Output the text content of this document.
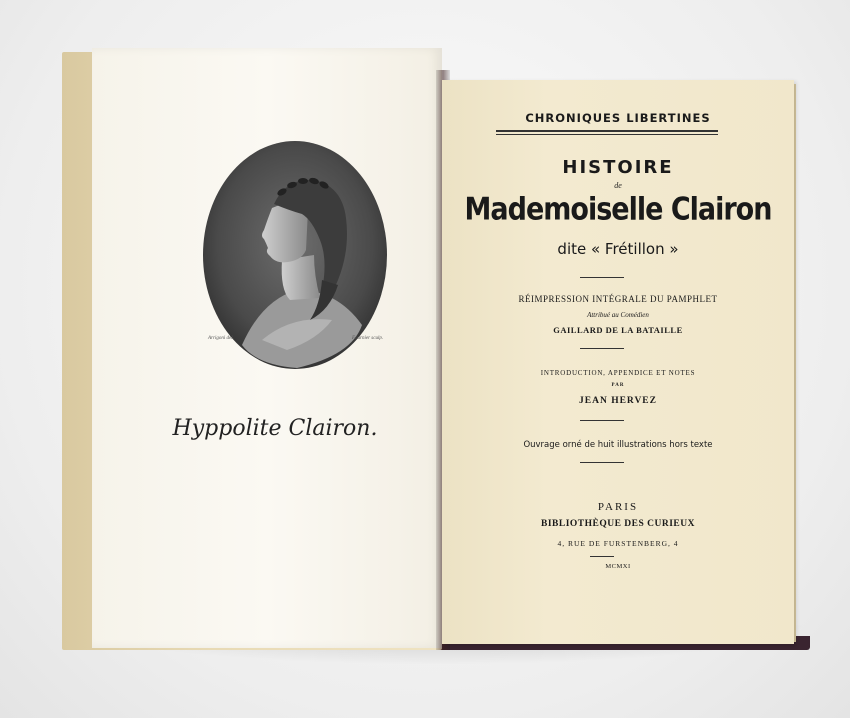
Arrigoni del.	Fournier sculp.
Hyppolite Clairon.
CHRONIQUES LIBERTINES
HISTOIRE
de
Mademoiselle Clairon
dite « Frétillon »
RÉIMPRESSION INTÉGRALE DU PAMPHLET
Attribué au Comédien
GAILLARD DE LA BATAILLE
INTRODUCTION, APPENDICE ET NOTES
PAR
JEAN HERVEZ
Ouvrage orné de huit illustrations hors texte
PARIS
BIBLIOTHÈQUE DES CURIEUX
4, RUE DE FURSTENBERG, 4
MCMXI
